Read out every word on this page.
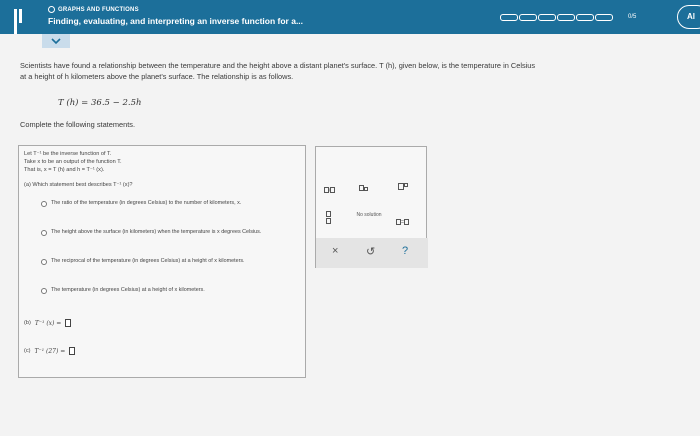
GRAPHS AND FUNCTIONS
Finding, evaluating, and interpreting an inverse function for a...	0/5	Al
Scientists have found a relationship between the temperature and the height above a distant planet's surface. T (h), given below, is the temperature in Celsius
at a height of h kilometers above the planet's surface. The relationship is as follows.
T (h) = 36.5 − 2.5h
Complete the following statements.
Let T⁻¹ be the inverse function of T.
Take x to be an output of the function T.
That is, x = T (h) and h = T⁻¹ (x).
(a) Which statement best describes T⁻¹ (x)?
The ratio of the temperature (in degrees Celsius) to the number of kilometers, x.
The height above the surface (in kilometers) when the temperature is x degrees Celsius.
The reciprocal of the temperature (in degrees Celsius) at a height of x kilometers.
The temperature (in degrees Celsius) at a height of x kilometers.
(b) T⁻¹ (x) =
(c) T⁻¹ (27) =
/
No solution
=
×	↺ ?
